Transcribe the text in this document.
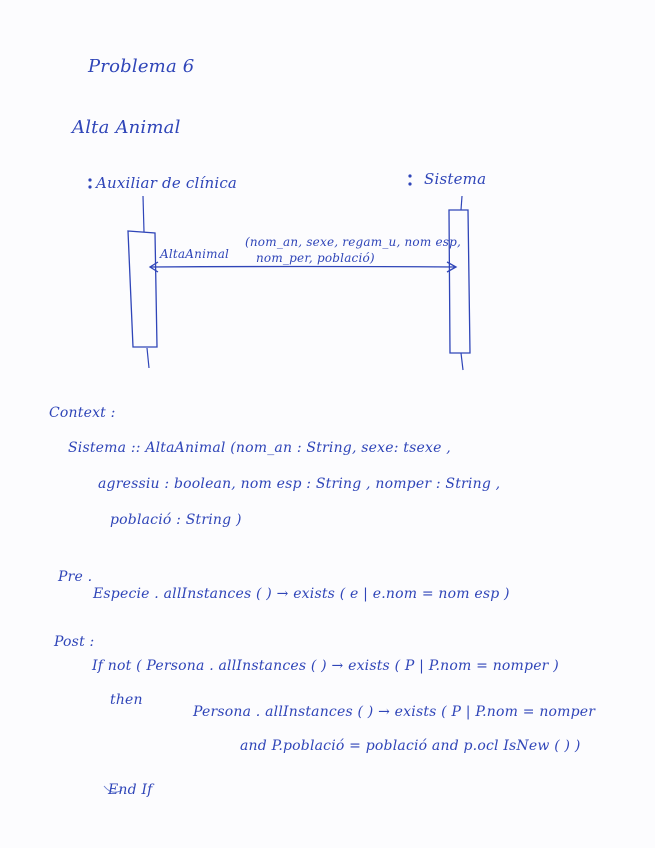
Problema 6
Alta Animal
Auxiliar de clínica	Sistema
AltaAnimal
(nom_an, sexe, regam_u, nom esp,
nom_per, població)
Context :
Sistema :: AltaAnimal (nom_an : String, sexe: tsexe ,
agressiu : boolean, nom esp : String , nomper : String ,
població : String )
Pre .
Especie . allInstances ( ) → exists ( e | e.nom = nom esp )
Post :
If not ( Persona . allInstances ( ) → exists ( P | P.nom = nomper )
then
Persona . allInstances ( ) → exists ( P | P.nom = nomper
and P.població = població and p.ocl IsNew ( ) )
End If
